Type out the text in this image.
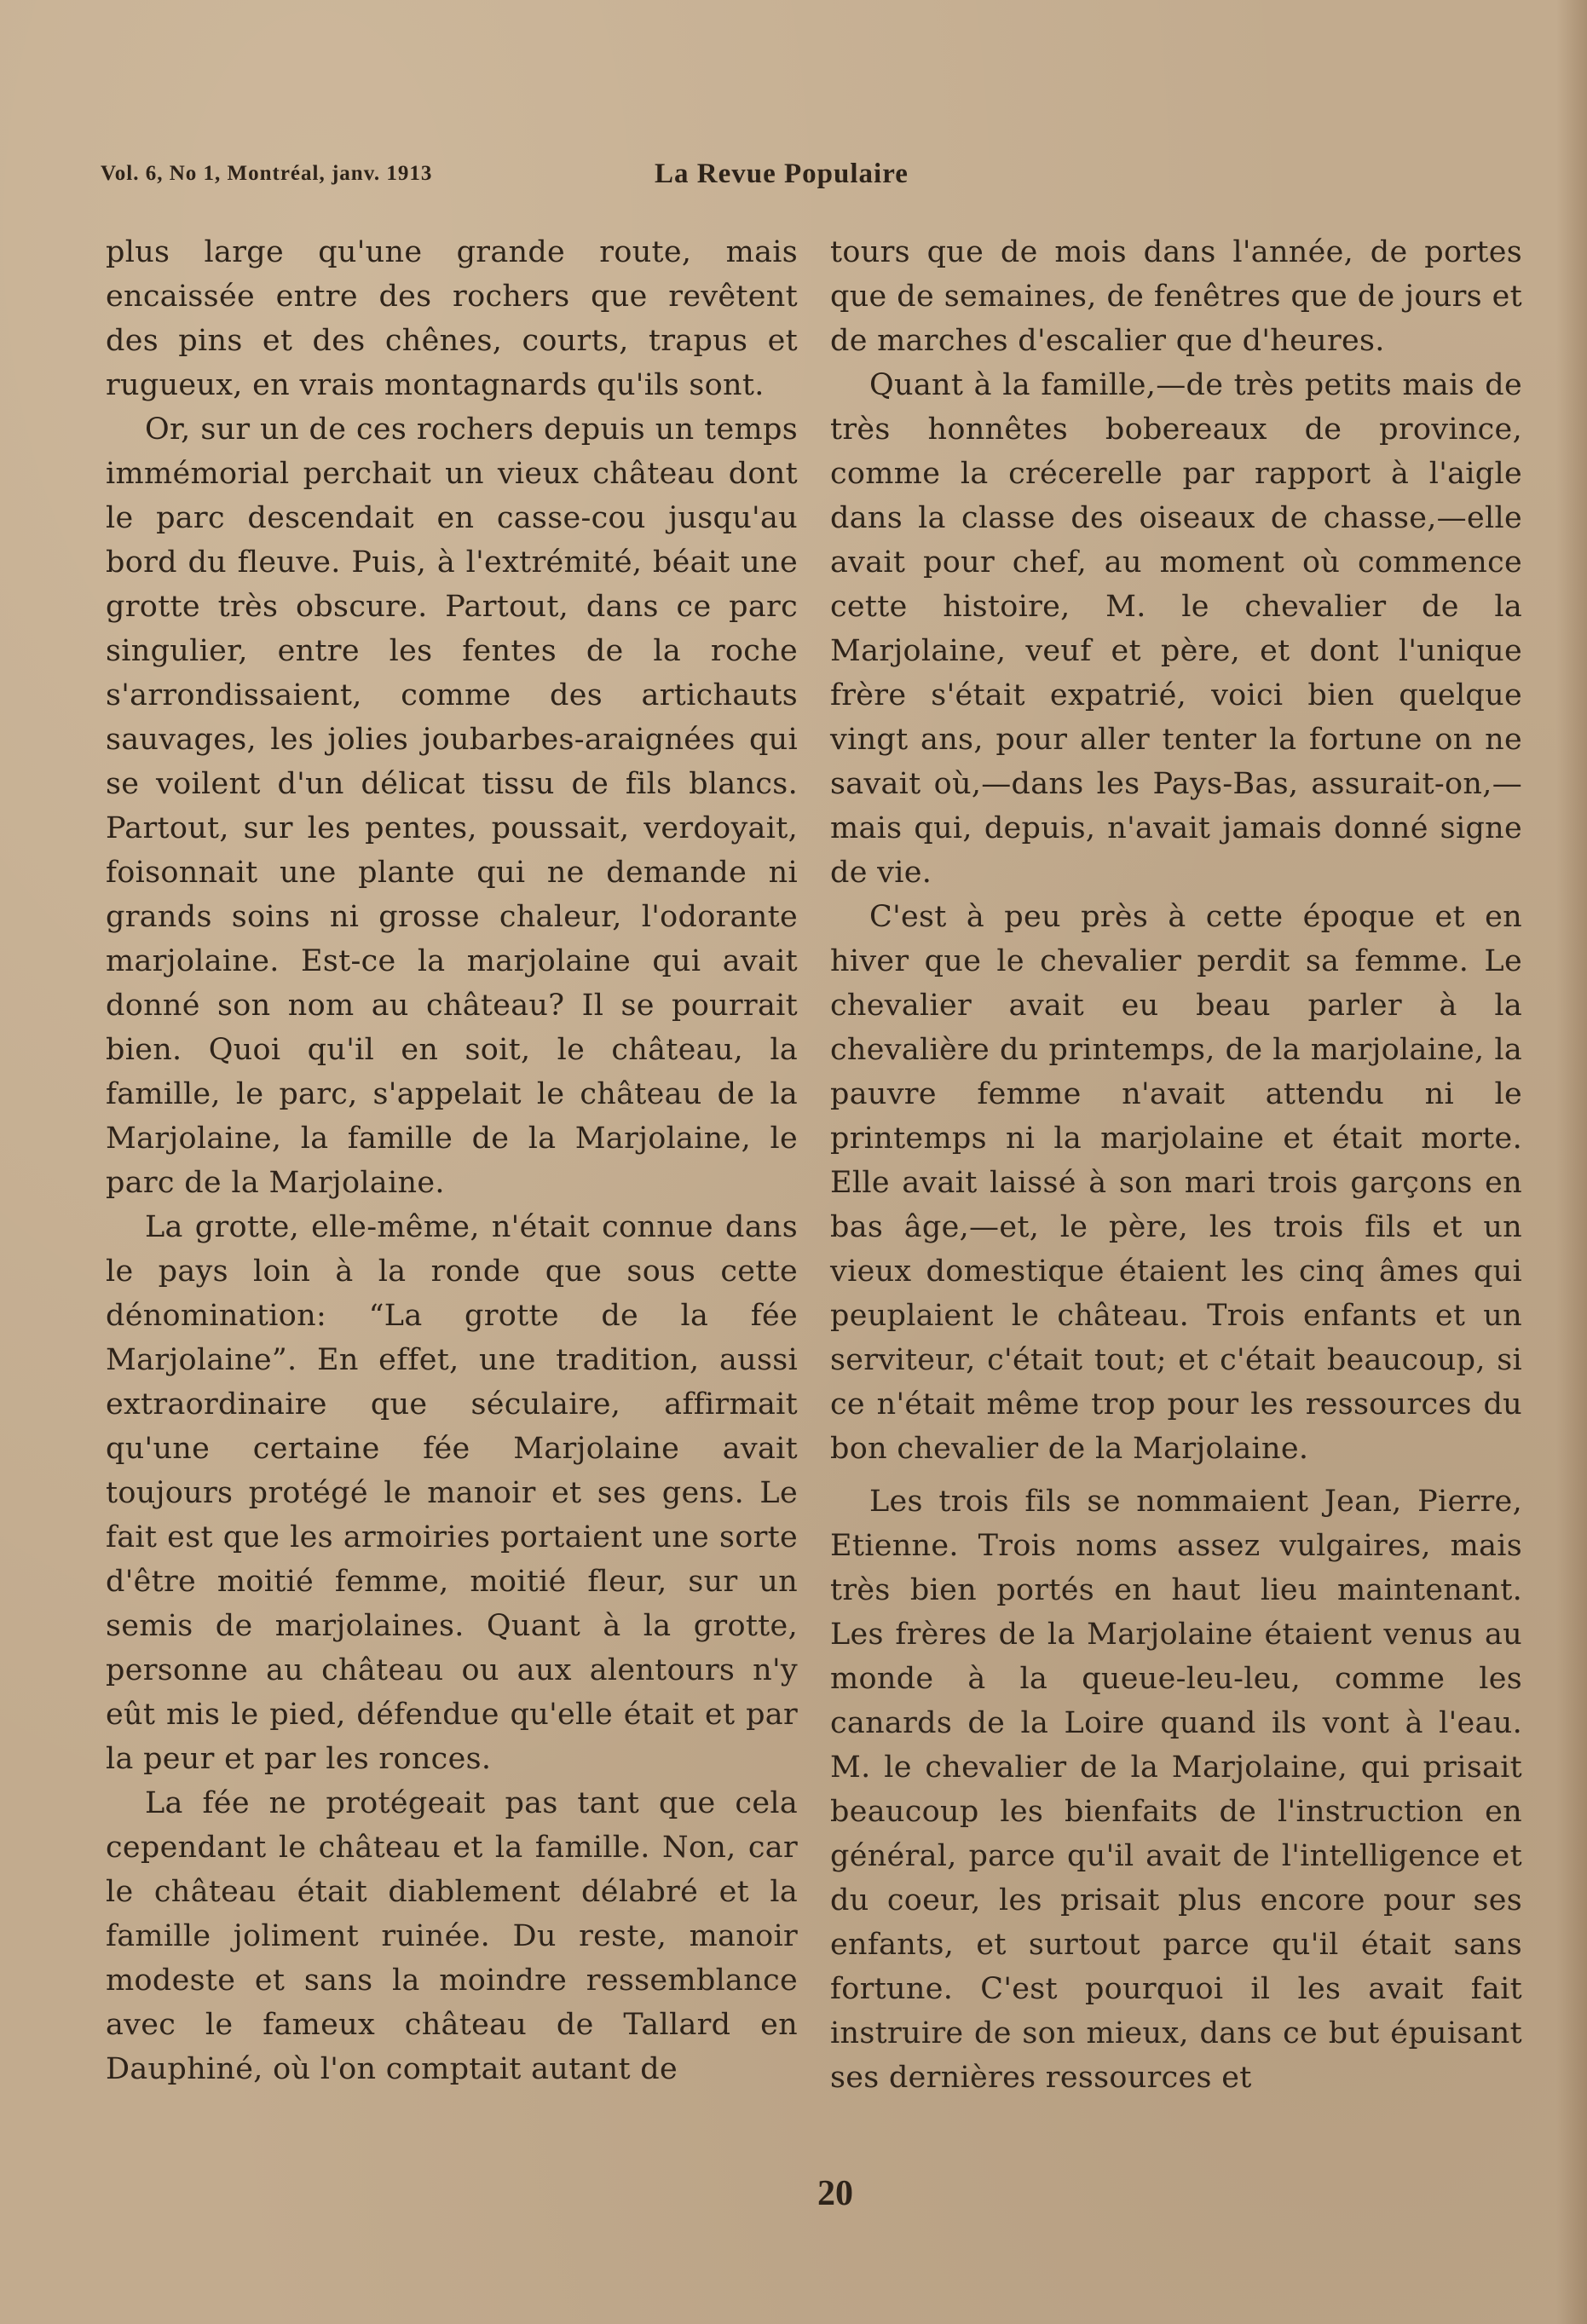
Vol. 6, No 1, Montréal, janv. 1913	La Revue Populaire

plus large qu'une grande route, mais encaissée entre des rochers que revêtent des pins et des chênes, courts, trapus et rugueux, en vrais montagnards qu'ils sont.

Or, sur un de ces rochers depuis un temps immémorial perchait un vieux château dont le parc descendait en casse-cou jusqu'au bord du fleuve. Puis, à l'extrémité, béait une grotte très obscure. Partout, dans ce parc singulier, entre les fentes de la roche s'arrondissaient, comme des artichauts sauvages, les jolies joubarbes-araignées qui se voilent d'un délicat tissu de fils blancs. Partout, sur les pentes, poussait, verdoyait, foisonnait une plante qui ne demande ni grands soins ni grosse chaleur, l'odorante marjolaine. Est-ce la marjolaine qui avait donné son nom au château? Il se pourrait bien. Quoi qu'il en soit, le château, la famille, le parc, s'appelait le château de la Marjolaine, la famille de la Marjolaine, le parc de la Marjolaine.

La grotte, elle-même, n'était connue dans le pays loin à la ronde que sous cette dénomination: “La grotte de la fée Marjolaine”. En effet, une tradition, aussi extraordinaire que séculaire, affirmait qu'une certaine fée Marjolaine avait toujours protégé le manoir et ses gens. Le fait est que les armoiries portaient une sorte d'être moitié femme, moitié fleur, sur un semis de marjolaines. Quant à la grotte, personne au château ou aux alentours n'y eût mis le pied, défendue qu'elle était et par la peur et par les ronces.

La fée ne protégeait pas tant que cela cependant le château et la famille. Non, car le château était diablement délabré et la famille joliment ruinée. Du reste, manoir modeste et sans la moindre ressemblance avec le fameux château de Tallard en Dauphiné, où l'on comptait autant de

tours que de mois dans l'année, de portes que de semaines, de fenêtres que de jours et de marches d'escalier que d'heures.

Quant à la famille,—de très petits mais de très honnêtes bobereaux de province, comme la crécerelle par rapport à l'aigle dans la classe des oiseaux de chasse,—elle avait pour chef, au moment où commence cette histoire, M. le chevalier de la Marjolaine, veuf et père, et dont l'unique frère s'était expatrié, voici bien quelque vingt ans, pour aller tenter la fortune on ne savait où,—dans les Pays-Bas, assurait-on,—mais qui, depuis, n'avait jamais donné signe de vie.

C'est à peu près à cette époque et en hiver que le chevalier perdit sa femme. Le chevalier avait eu beau parler à la chevalière du printemps, de la marjolaine, la pauvre femme n'avait attendu ni le printemps ni la marjolaine et était morte. Elle avait laissé à son mari trois garçons en bas âge,—et, le père, les trois fils et un vieux domestique étaient les cinq âmes qui peuplaient le château. Trois enfants et un serviteur, c'était tout; et c'était beaucoup, si ce n'était même trop pour les ressources du bon chevalier de la Marjolaine.

Les trois fils se nommaient Jean, Pierre, Etienne. Trois noms assez vulgaires, mais très bien portés en haut lieu maintenant. Les frères de la Marjolaine étaient venus au monde à la queue-leu-leu, comme les canards de la Loire quand ils vont à l'eau. M. le chevalier de la Marjolaine, qui prisait beaucoup les bienfaits de l'instruction en général, parce qu'il avait de l'intelligence et du coeur, les prisait plus encore pour ses enfants, et surtout parce qu'il était sans fortune. C'est pourquoi il les avait fait instruire de son mieux, dans ce but épuisant ses dernières ressources et

20
